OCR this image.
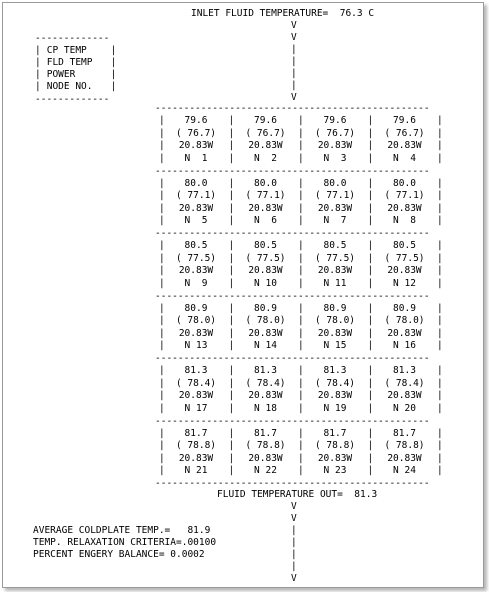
INLET FLUID TEMPERATURE= 76.3 C
V
V
|
|
|
|
V
-------------
| CP TEMP	|
| FLD TEMP |
| POWER	|
| NODE NO. |
-------------
------------------------------------------------
|
|
|
|
|
|
|
|
|
|
|
|
|
|
|
|
|
|
|
|
79.6
( 76.7)
20.83W
N  1
79.6
( 76.7)
20.83W
N  2
79.6
( 76.7)
20.83W
N  3
79.6
( 76.7)
20.83W
N  4
------------------------------------------------
|
|
|
|
|
|
|
|
|
|
|
|
|
|
|
|
|
|
|
|
80.0
( 77.1)
20.83W
N  5
80.0
( 77.1)
20.83W
N  6
80.0
( 77.1)
20.83W
N  7
80.0
( 77.1)
20.83W
N  8
------------------------------------------------
|
|
|
|
|
|
|
|
|
|
|
|
|
|
|
|
|
|
|
|
80.5
( 77.5)
20.83W
N  9
80.5
( 77.5)
20.83W
N 10
80.5
( 77.5)
20.83W
N 11
80.5
( 77.5)
20.83W
N 12
------------------------------------------------
|
|
|
|
|
|
|
|
|
|
|
|
|
|
|
|
|
|
|
|
80.9
( 78.0)
20.83W
N 13
80.9
( 78.0)
20.83W
N 14
80.9
( 78.0)
20.83W
N 15
80.9
( 78.0)
20.83W
N 16
------------------------------------------------
|
|
|
|
|
|
|
|
|
|
|
|
|
|
|
|
|
|
|
|
81.3
( 78.4)
20.83W
N 17
81.3
( 78.4)
20.83W
N 18
81.3
( 78.4)
20.83W
N 19
81.3
( 78.4)
20.83W
N 20
------------------------------------------------
|
|
|
|
|
|
|
|
|
|
|
|
|
|
|
|
|
|
|
|
81.7
( 78.8)
20.83W
N 21
81.7
( 78.8)
20.83W
N 22
81.7
( 78.8)
20.83W
N 23
81.7
( 78.8)
20.83W
N 24
------------------------------------------------
FLUID TEMPERATURE OUT= 81.3
V
V
|
|
|
|
V
AVERAGE COLDPLATE TEMP.= 81.9
TEMP. RELAXATION CRITERIA=.00100
PERCENT ENGERY BALANCE= 0.0002
